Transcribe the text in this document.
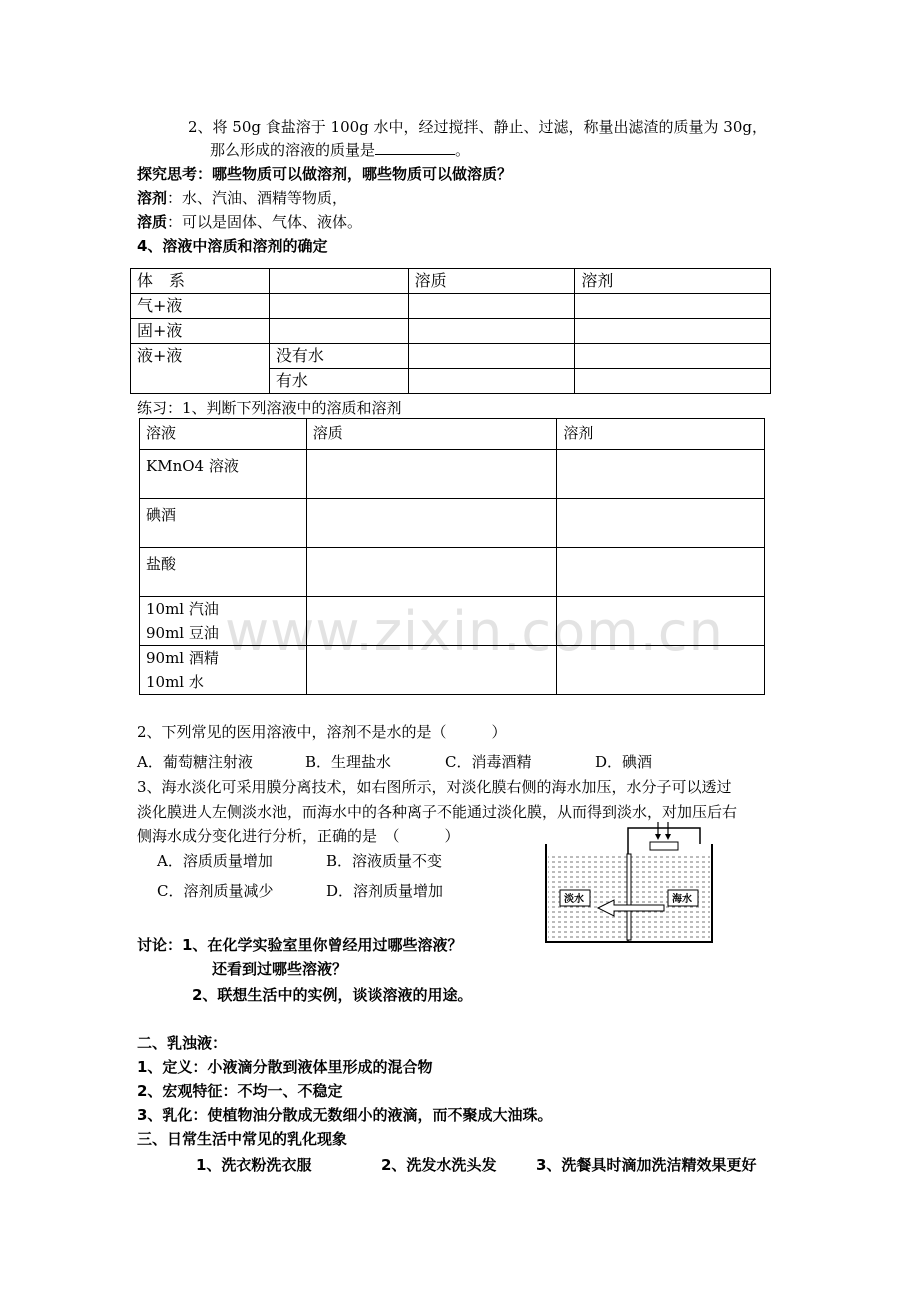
www.zixin.com.cn
2、将 50g 食盐溶于 100g 水中，经过搅拌、静止、过滤，称量出滤渣的质量为 30g，
那么形成的溶液的质量是	。
探究思考：哪些物质可以做溶剂，哪些物质可以做溶质？
溶剂：水、汽油、酒精等物质，
溶质：可以是固体、气体、液体。
4、溶液中溶质和溶剂的确定
体　系		溶质	溶剂
气+液			
固+液			
液+液	没有水		
	有水		
练习：1、判断下列溶液中的溶质和溶剂
溶液	溶质	溶剂

KMnO4 溶液		

碘酒		

盐酸		

10ml 汽油
90ml 豆油		

90ml 酒精
10ml 水		

2、下列常见的医用溶液中，溶剂不是水的是（　　　）
A．葡萄糖注射液	B．生理盐水	C．消毒酒精	D．碘酒
3、海水淡化可采用膜分离技术，如右图所示，对淡化膜右侧的海水加压，水分子可以透过
淡化膜进人左侧淡水池，而海水中的各种离子不能通过淡化膜，从而得到淡水，对加压后右
侧海水成分变化进行分析，正确的是　（　　　）
A．溶质质量增加	B．溶液质量不变
C．溶剂质量减少	D．溶剂质量增加	淡水	海水
讨论：1、在化学实验室里你曾经用过哪些溶液？
还看到过哪些溶液？
2、联想生活中的实例，谈谈溶液的用途。
二、乳浊液：
1、定义：小液滴分散到液体里形成的混合物
2、宏观特征：不均一、不稳定
3、乳化：使植物油分散成无数细小的液滴，而不聚成大油珠。
三、日常生活中常见的乳化现象
1、洗衣粉洗衣服	2、洗发水洗头发	3、洗餐具时滴加洗洁精效果更好
